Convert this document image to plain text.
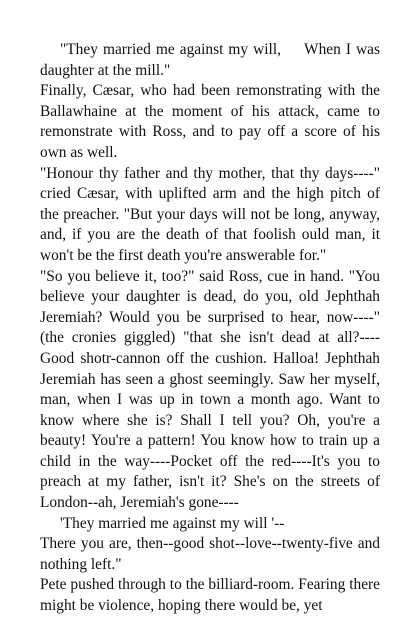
"They married me against my will,  When I was daughter at the mill."

Finally, Cæsar, who had been remonstrating with the Ballawhaine at the moment of his attack, came to remonstrate with Ross, and to pay off a score of his own as well.

"Honour thy father and thy mother, that thy days----" cried Cæsar, with uplifted arm and the high pitch of the preacher. "But your days will not be long, anyway, and, if you are the death of that foolish ould man, it won't be the first death you're answerable for."

"So you believe it, too?" said Ross, cue in hand. "You believe your daughter is dead, do you, old Jephthah Jeremiah? Would you be surprised to hear, now----" (the cronies giggled) "that she isn't dead at all?---- Good shotr-cannon off the cushion. Halloa! Jephthah Jeremiah has seen a ghost seemingly. Saw her myself, man, when I was up in town a month ago. Want to know where she is? Shall I tell you? Oh, you're a beauty! You're a pattern! You know how to train up a child in the way----Pocket off the red----It's you to preach at my father, isn't it? She's on the streets of London--ah, Jeremiah's gone----

'They married me against my will '--

There you are, then--good shot--love--twenty-five and nothing left."

Pete pushed through to the billiard-room. Fearing there might be violence, hoping there would be, yet
